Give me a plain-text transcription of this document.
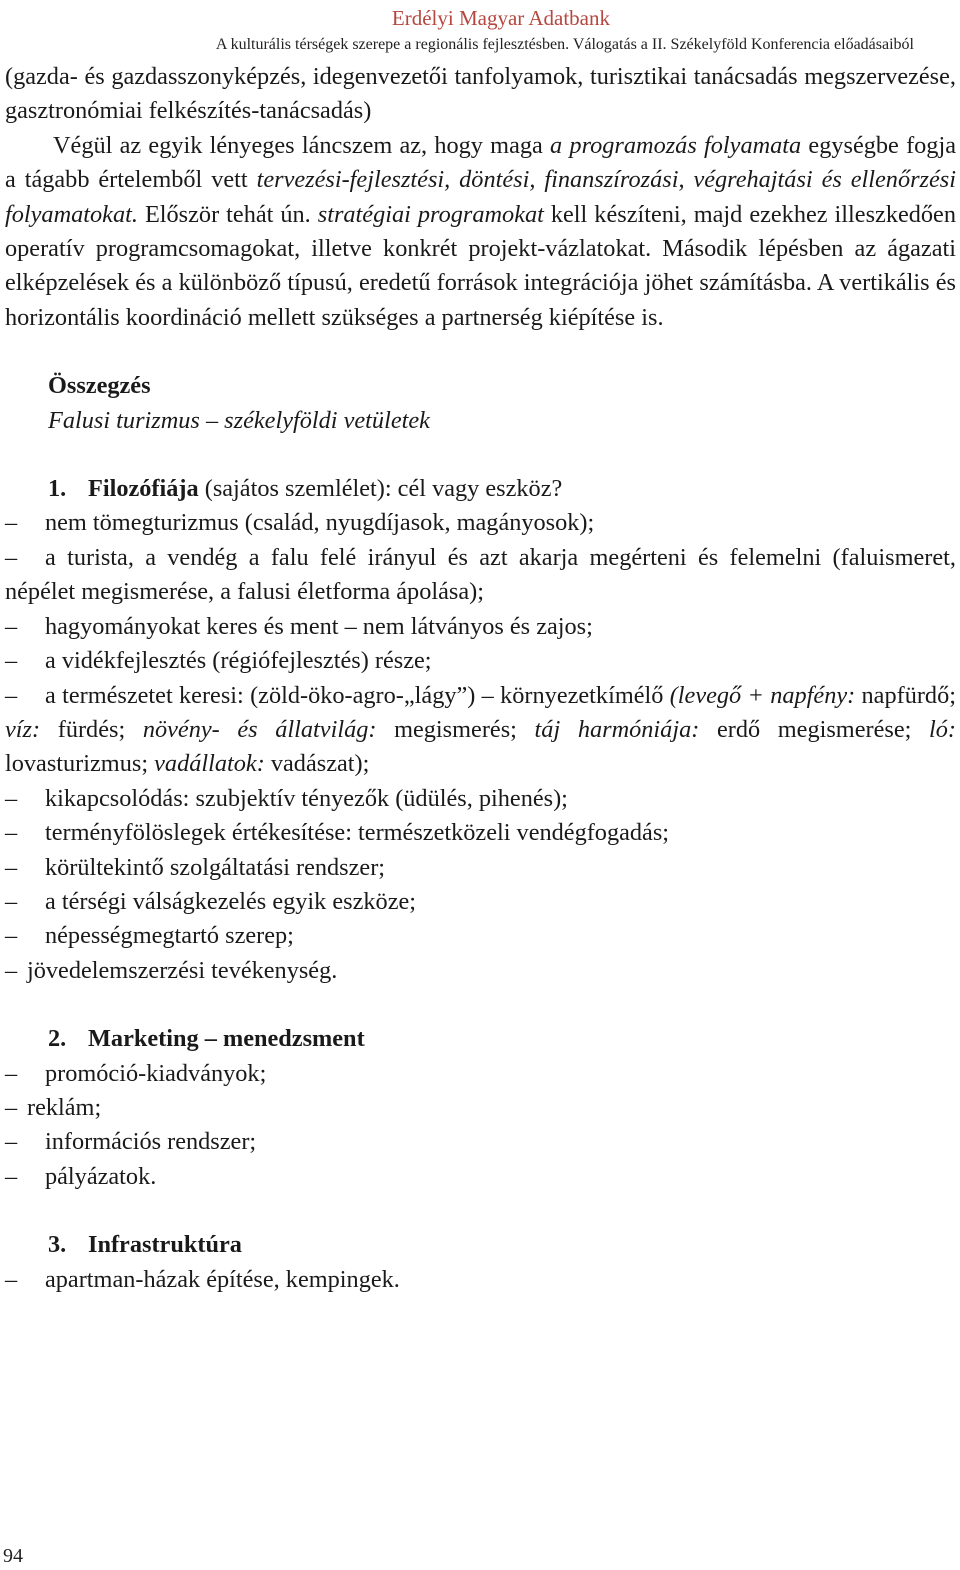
Erdélyi Magyar Adatbank
A kulturális térségek szerepe a regionális fejlesztésben. Válogatás a II. Székelyföld Konferencia előadásaiból

(gazda- és gazdasszonyképzés, idegenvezetői tanfolyamok, turisztikai tanácsadás megszervezése, gasztronómiai felkészítés-tanácsadás)

Végül az egyik lényeges láncszem az, hogy maga a programozás folyamata egységbe fogja a tágabb értelemből vett tervezési-fejlesztési, döntési, finanszírozási, végrehajtási és ellenőrzési folyamatokat. Először tehát ún. stratégiai programokat kell készíteni, majd ezekhez illeszkedően operatív programcsomagokat, illetve konkrét projekt-vázlatokat. Második lépésben az ágazati elképzelések és a különböző típusú, eredetű források integrációja jöhet számításba. A vertikális és horizontális koordináció mellett szükséges a partnerség kiépítése is.

Összegzés

Falusi turizmus – székelyföldi vetületek

1. Filozófiája (sajátos szemlélet): cél vagy eszköz?

– nem tömegturizmus (család, nyugdíjasok, magányosok);

– a turista, a vendég a falu felé irányul és azt akarja megérteni és felemelni (faluismeret, népélet megismerése, a falusi életforma ápolása);

– hagyományokat keres és ment – nem látványos és zajos;

– a vidékfejlesztés (régiófejlesztés) része;

– a természetet keresi: (zöld-öko-agro-„lágy”) – környezetkímélő (levegő + napfény: napfürdő; víz: fürdés; növény- és állatvilág: megismerés; táj harmóniája: erdő megismerése; ló: lovasturizmus; vadállatok: vadászat);

– kikapcsolódás: szubjektív tényezők (üdülés, pihenés);

– terményfölöslegek értékesítése: természetközeli vendégfogadás;

– körültekintő szolgáltatási rendszer;

– a térségi válságkezelés egyik eszköze;

– népességmegtartó szerep;

– jövedelemszerzési tevékenység.

2. Marketing – menedzsment

– promóció-kiadványok;

– reklám;

– információs rendszer;

– pályázatok.

3. Infrastruktúra

– apartman-házak építése, kempingek.

94
